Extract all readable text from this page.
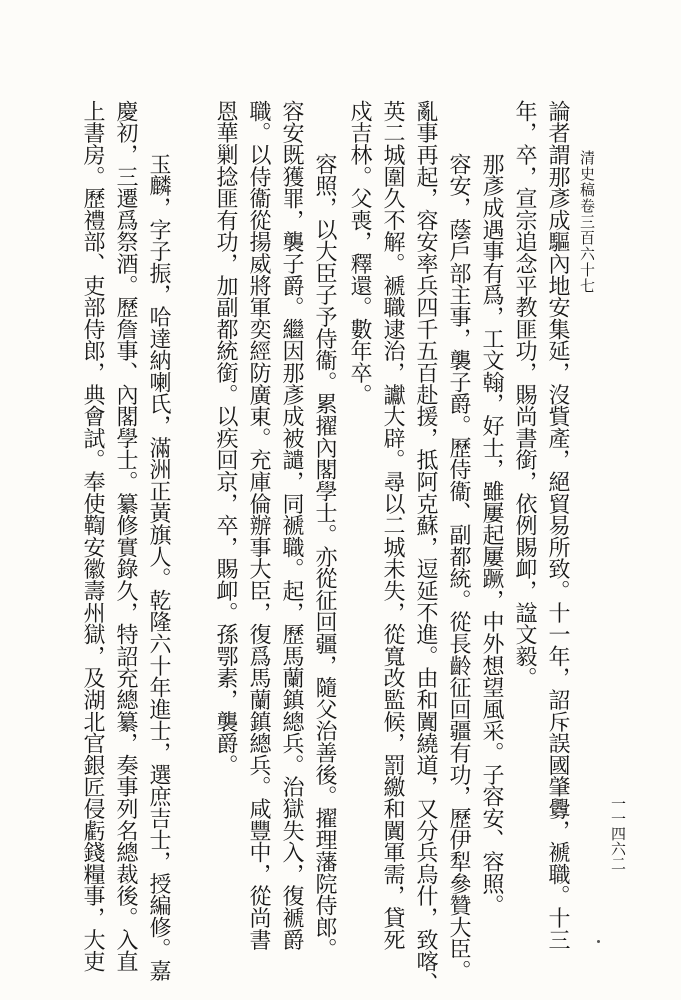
清史稿卷三百六十七
一一四六二
論者謂那彥成驅內地安集延，沒貲產，絕貿易所致。十一年，詔斥誤國肇釁，褫職。十三
年，卒，宣宗追念平教匪功，賜尚書銜，依例賜卹，諡文毅。
那彥成遇事有爲，工文翰，好士，雖屢起屢蹶，中外想望風采。子容安、容照。
容安，蔭戶部主事，襲子爵。歷侍衞、副都統。從長齡征回疆有功，歷伊犁參贊大臣。
亂事再起，容安率兵四千五百赴援，抵阿克蘇，逗延不進。由和闐繞道，又分兵烏什，致喀、
英二城圍久不解。褫職逮治，讞大辟。尋以二城未失，從寬改監候，罰繳和闐軍需，貸死
戍吉林。父喪，釋還。數年卒。
容照，以大臣子予侍衞。累擢內閣學士。亦從征回疆，隨父治善後。擢理藩院侍郎。
容安既獲罪，襲子爵。繼因那彥成被譴，同褫職。起，歷馬蘭鎮總兵。治獄失入，復褫爵
職。以侍衞從揚威將軍奕經防廣東。充庫倫辦事大臣，復爲馬蘭鎮總兵。咸豐中，從尚書
恩華剿捻匪有功，加副都統銜。以疾回京，卒，賜卹。孫鄂素，襲爵。
玉麟，字子振，哈達納喇氏，滿洲正黃旗人。乾隆六十年進士，選庶吉士，授編修。嘉
慶初，三遷爲祭酒。歷詹事、內閣學士。纂修實錄久，特詔充總纂，奏事列名總裁後。入直
上書房。歷禮部、吏部侍郎，典會試。奉使鞫安徽壽州獄，及湖北官銀匠侵虧錢糧事，大吏
